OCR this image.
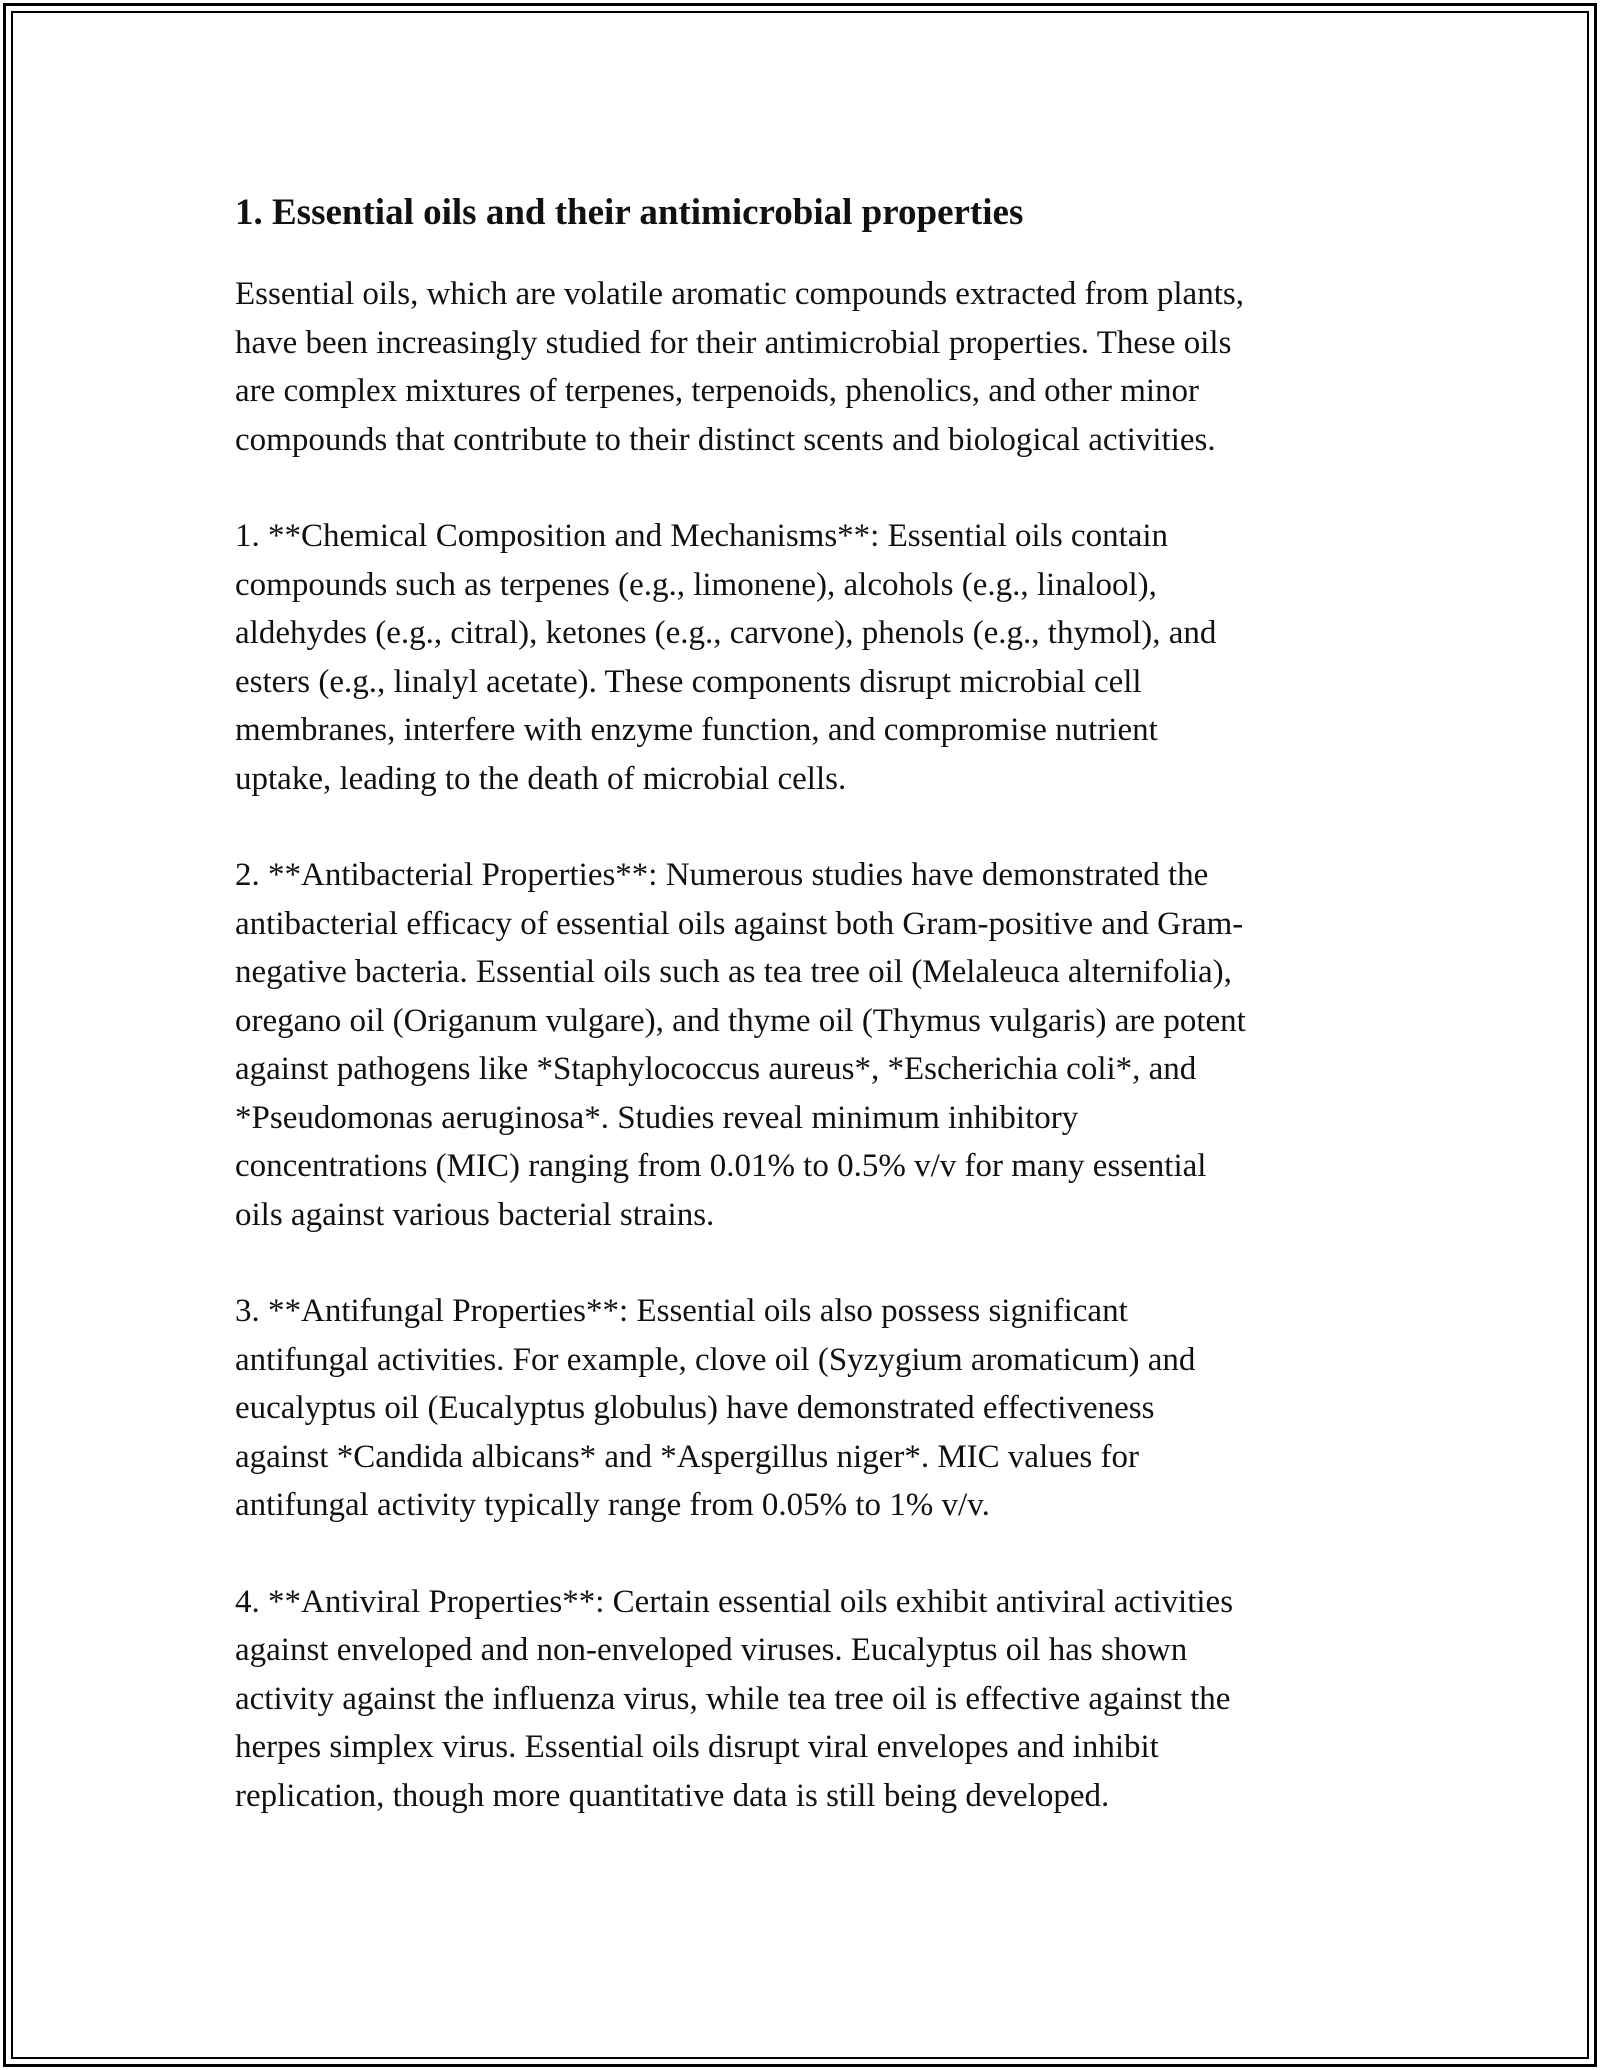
1. Essential oils and their antimicrobial properties

Essential oils, which are volatile aromatic compounds extracted from plants,
have been increasingly studied for their antimicrobial properties. These oils
are complex mixtures of terpenes, terpenoids, phenolics, and other minor
compounds that contribute to their distinct scents and biological activities.

1. **Chemical Composition and Mechanisms**: Essential oils contain
compounds such as terpenes (e.g., limonene), alcohols (e.g., linalool),
aldehydes (e.g., citral), ketones (e.g., carvone), phenols (e.g., thymol), and
esters (e.g., linalyl acetate). These components disrupt microbial cell
membranes, interfere with enzyme function, and compromise nutrient
uptake, leading to the death of microbial cells.

2. **Antibacterial Properties**: Numerous studies have demonstrated the
antibacterial efficacy of essential oils against both Gram-positive and Gram-
negative bacteria. Essential oils such as tea tree oil (Melaleuca alternifolia),
oregano oil (Origanum vulgare), and thyme oil (Thymus vulgaris) are potent
against pathogens like *Staphylococcus aureus*, *Escherichia coli*, and
*Pseudomonas aeruginosa*. Studies reveal minimum inhibitory
concentrations (MIC) ranging from 0.01% to 0.5% v/v for many essential
oils against various bacterial strains.

3. **Antifungal Properties**: Essential oils also possess significant
antifungal activities. For example, clove oil (Syzygium aromaticum) and
eucalyptus oil (Eucalyptus globulus) have demonstrated effectiveness
against *Candida albicans* and *Aspergillus niger*. MIC values for
antifungal activity typically range from 0.05% to 1% v/v.

4. **Antiviral Properties**: Certain essential oils exhibit antiviral activities
against enveloped and non-enveloped viruses. Eucalyptus oil has shown
activity against the influenza virus, while tea tree oil is effective against the
herpes simplex virus. Essential oils disrupt viral envelopes and inhibit
replication, though more quantitative data is still being developed.
